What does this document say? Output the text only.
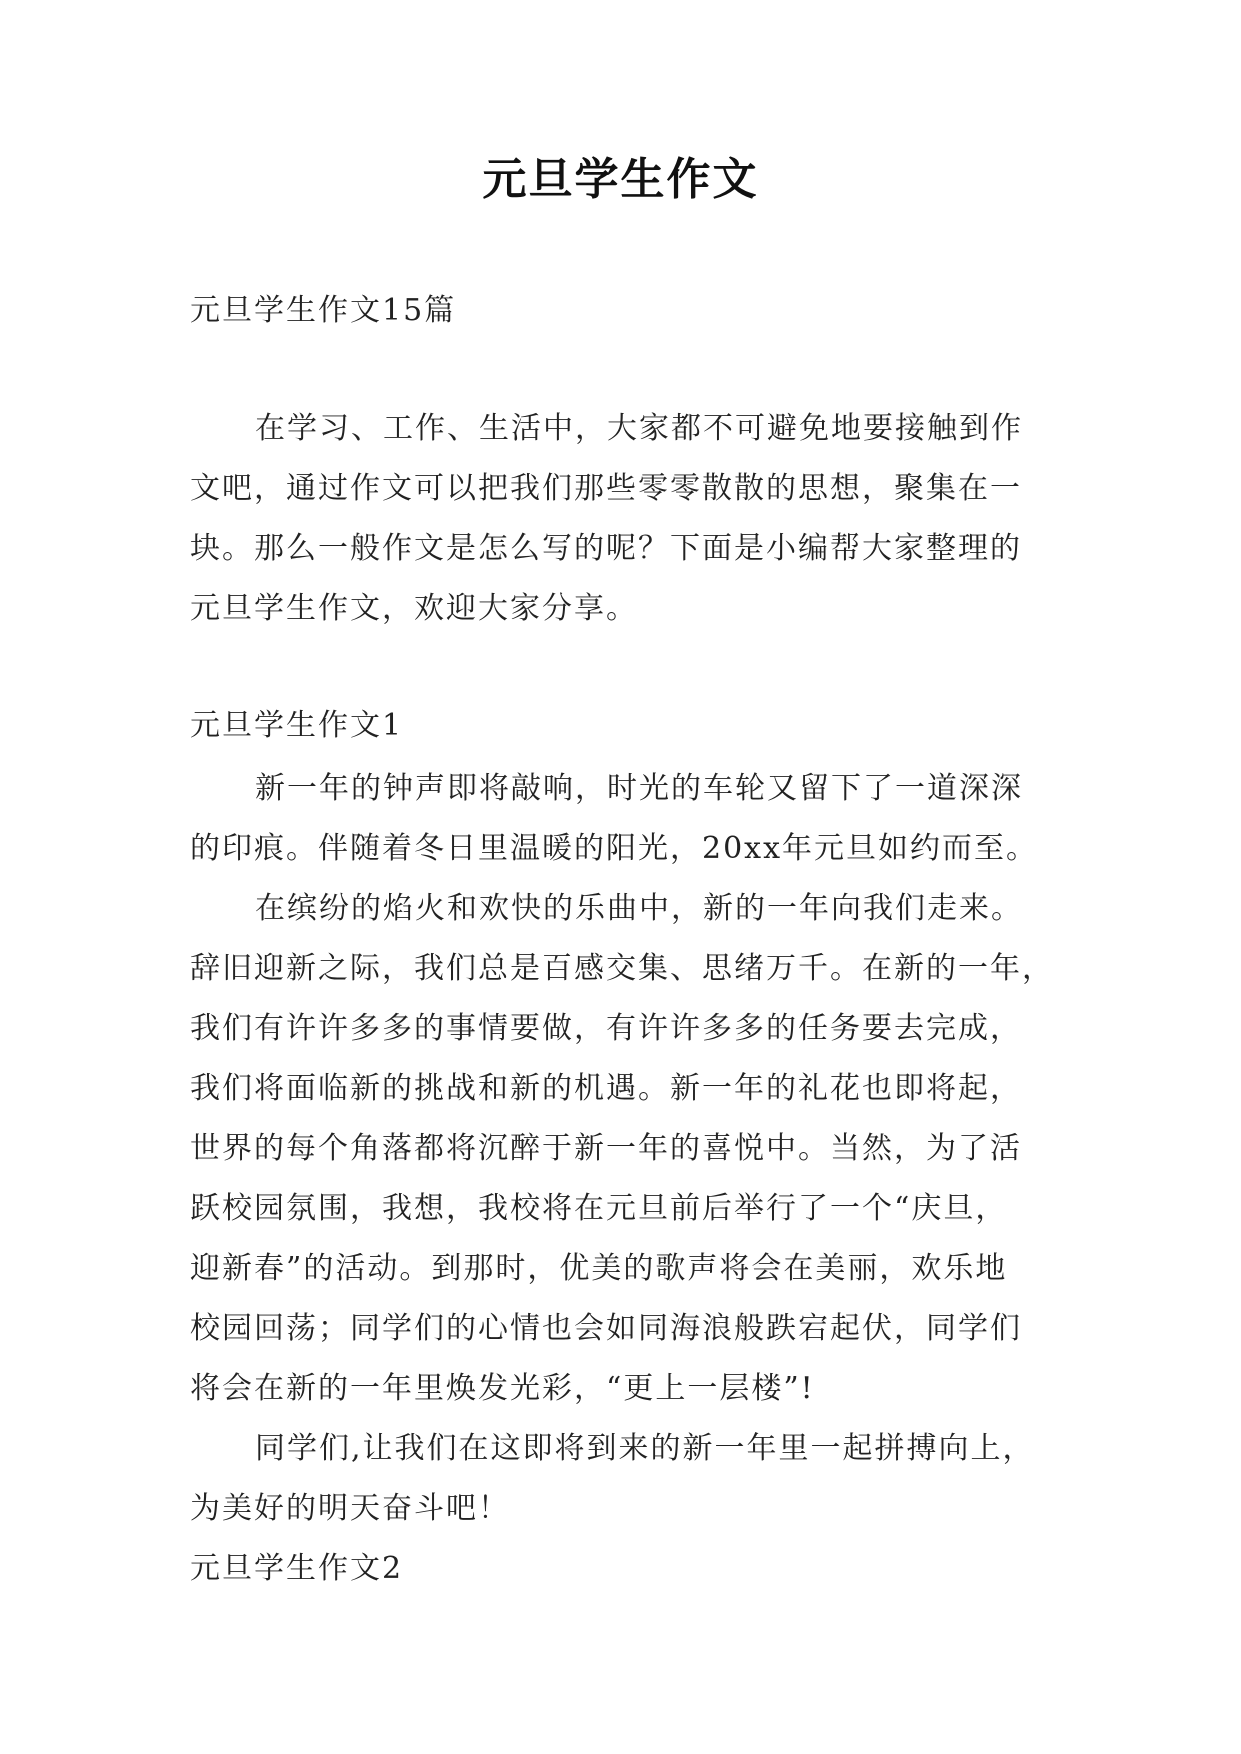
元旦学生作文

元旦学生作文15篇

在学习、工作、生活中，大家都不可避免地要接触到作

文吧，通过作文可以把我们那些零零散散的思想，聚集在一

块。那么一般作文是怎么写的呢？下面是小编帮大家整理的

元旦学生作文，欢迎大家分享。

元旦学生作文1

新一年的钟声即将敲响，时光的车轮又留下了一道深深

的印痕。伴随着冬日里温暖的阳光，20xx年元旦如约而至。

在缤纷的焰火和欢快的乐曲中，新的一年向我们走来。

辞旧迎新之际，我们总是百感交集、思绪万千。在新的一年，

我们有许许多多的事情要做，有许许多多的任务要去完成，

我们将面临新的挑战和新的机遇。新一年的礼花也即将起，

世界的每个角落都将沉醉于新一年的喜悦中。当然，为了活

跃校园氛围，我想，我校将在元旦前后举行了一个“庆旦，

迎新春”的活动。到那时，优美的歌声将会在美丽，欢乐地

校园回荡；同学们的心情也会如同海浪般跌宕起伏，同学们

将会在新的一年里焕发光彩，“更上一层楼”!

同学们,让我们在这即将到来的新一年里一起拼搏向上，

为美好的明天奋斗吧！

元旦学生作文2
